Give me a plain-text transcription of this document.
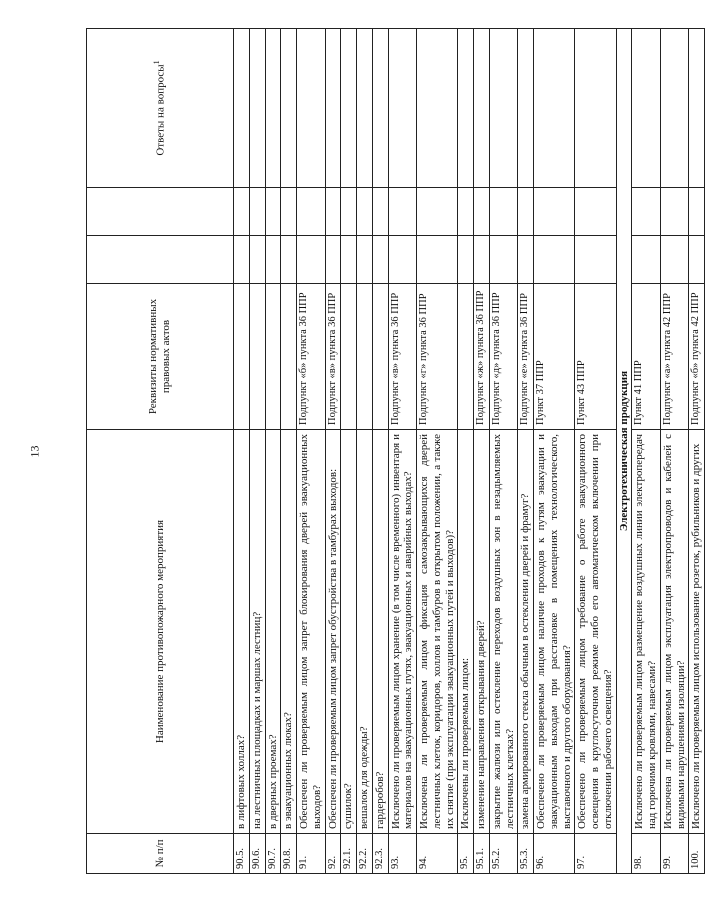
13
№ п/п	Наименование противопожарного мероприятия	Реквизиты нормативных правовых актов			Ответы на вопросы$^1$
90.5.	в лифтовых холлах?				
90.6.	на лестничных площадках и маршах лестниц?				
90.7.	в дверных проемах?				
90.8.	в эвакуационных люках?				
91.	Обеспечен ли проверяемым лицом запрет блокирования дверей эвакуационных выходов?	Подпункт «б» пункта 36 ППР			
92.	Обеспечен ли проверяемым лицом запрет обустройства в тамбурах выходов:	Подпункт «в» пункта 36 ППР			
92.1.	сушилок?				
92.2.	вешалок для одежды?				
92.3.	гардеробов?				
93.	Исключено ли проверяемым лицом хранение (в том числе временного) инвентаря и материалов на эвакуационных путях, эвакуационных и аварийных выходах?	Подпункт «в» пункта 36 ППР			
94.	Исключена ли проверяемым лицом фиксация самозакрывающихся дверей лестничных клеток, коридоров, холлов и тамбуров в открытом положении, а также их снятие (при эксплуатации эвакуационных путей и выходов)?	Подпункт «г» пункта 36 ППР			
95.	Исключены ли проверяемым лицом:				
95.1.	изменение направления открывания дверей?	Подпункт «ж» пункта 36 ППР			
95.2.	закрытие жалюзи или остекление переходов воздушных зон в незадымляемых лестничных клетках?	Подпункт «д» пункта 36 ППР			
95.3.	замена армированного стекла обычным в остеклении дверей и фрамуг?	Подпункт «е» пункта 36 ППР			
96.	Обеспечено ли проверяемым лицом наличие проходов к путям эвакуации и эвакуационным выходам при расстановке в помещениях технологического, выставочного и другого оборудования?	Пункт 37 ППР			
97.	Обеспечено ли проверяемым лицом требование о работе эвакуационного освещения в круглосуточном режиме либо его автоматическом включении при отключении рабочего освещения?	Пункт 43 ППР			
Электротехническая продукция					
98.	Исключено ли проверяемым лицом размещение воздушных линии электропередач над горючими кровлями, навесами?	Пункт 41 ППР			
99.	Исключена ли проверяемым лицом эксплуатация электропроводов и кабелей с видимыми нарушениями изоляции?	Подпункт «а» пункта 42 ППР			
100.	Исключено ли проверяемым лицом использование розеток, рубильников и других	Подпункт «б» пункта 42 ППР			
